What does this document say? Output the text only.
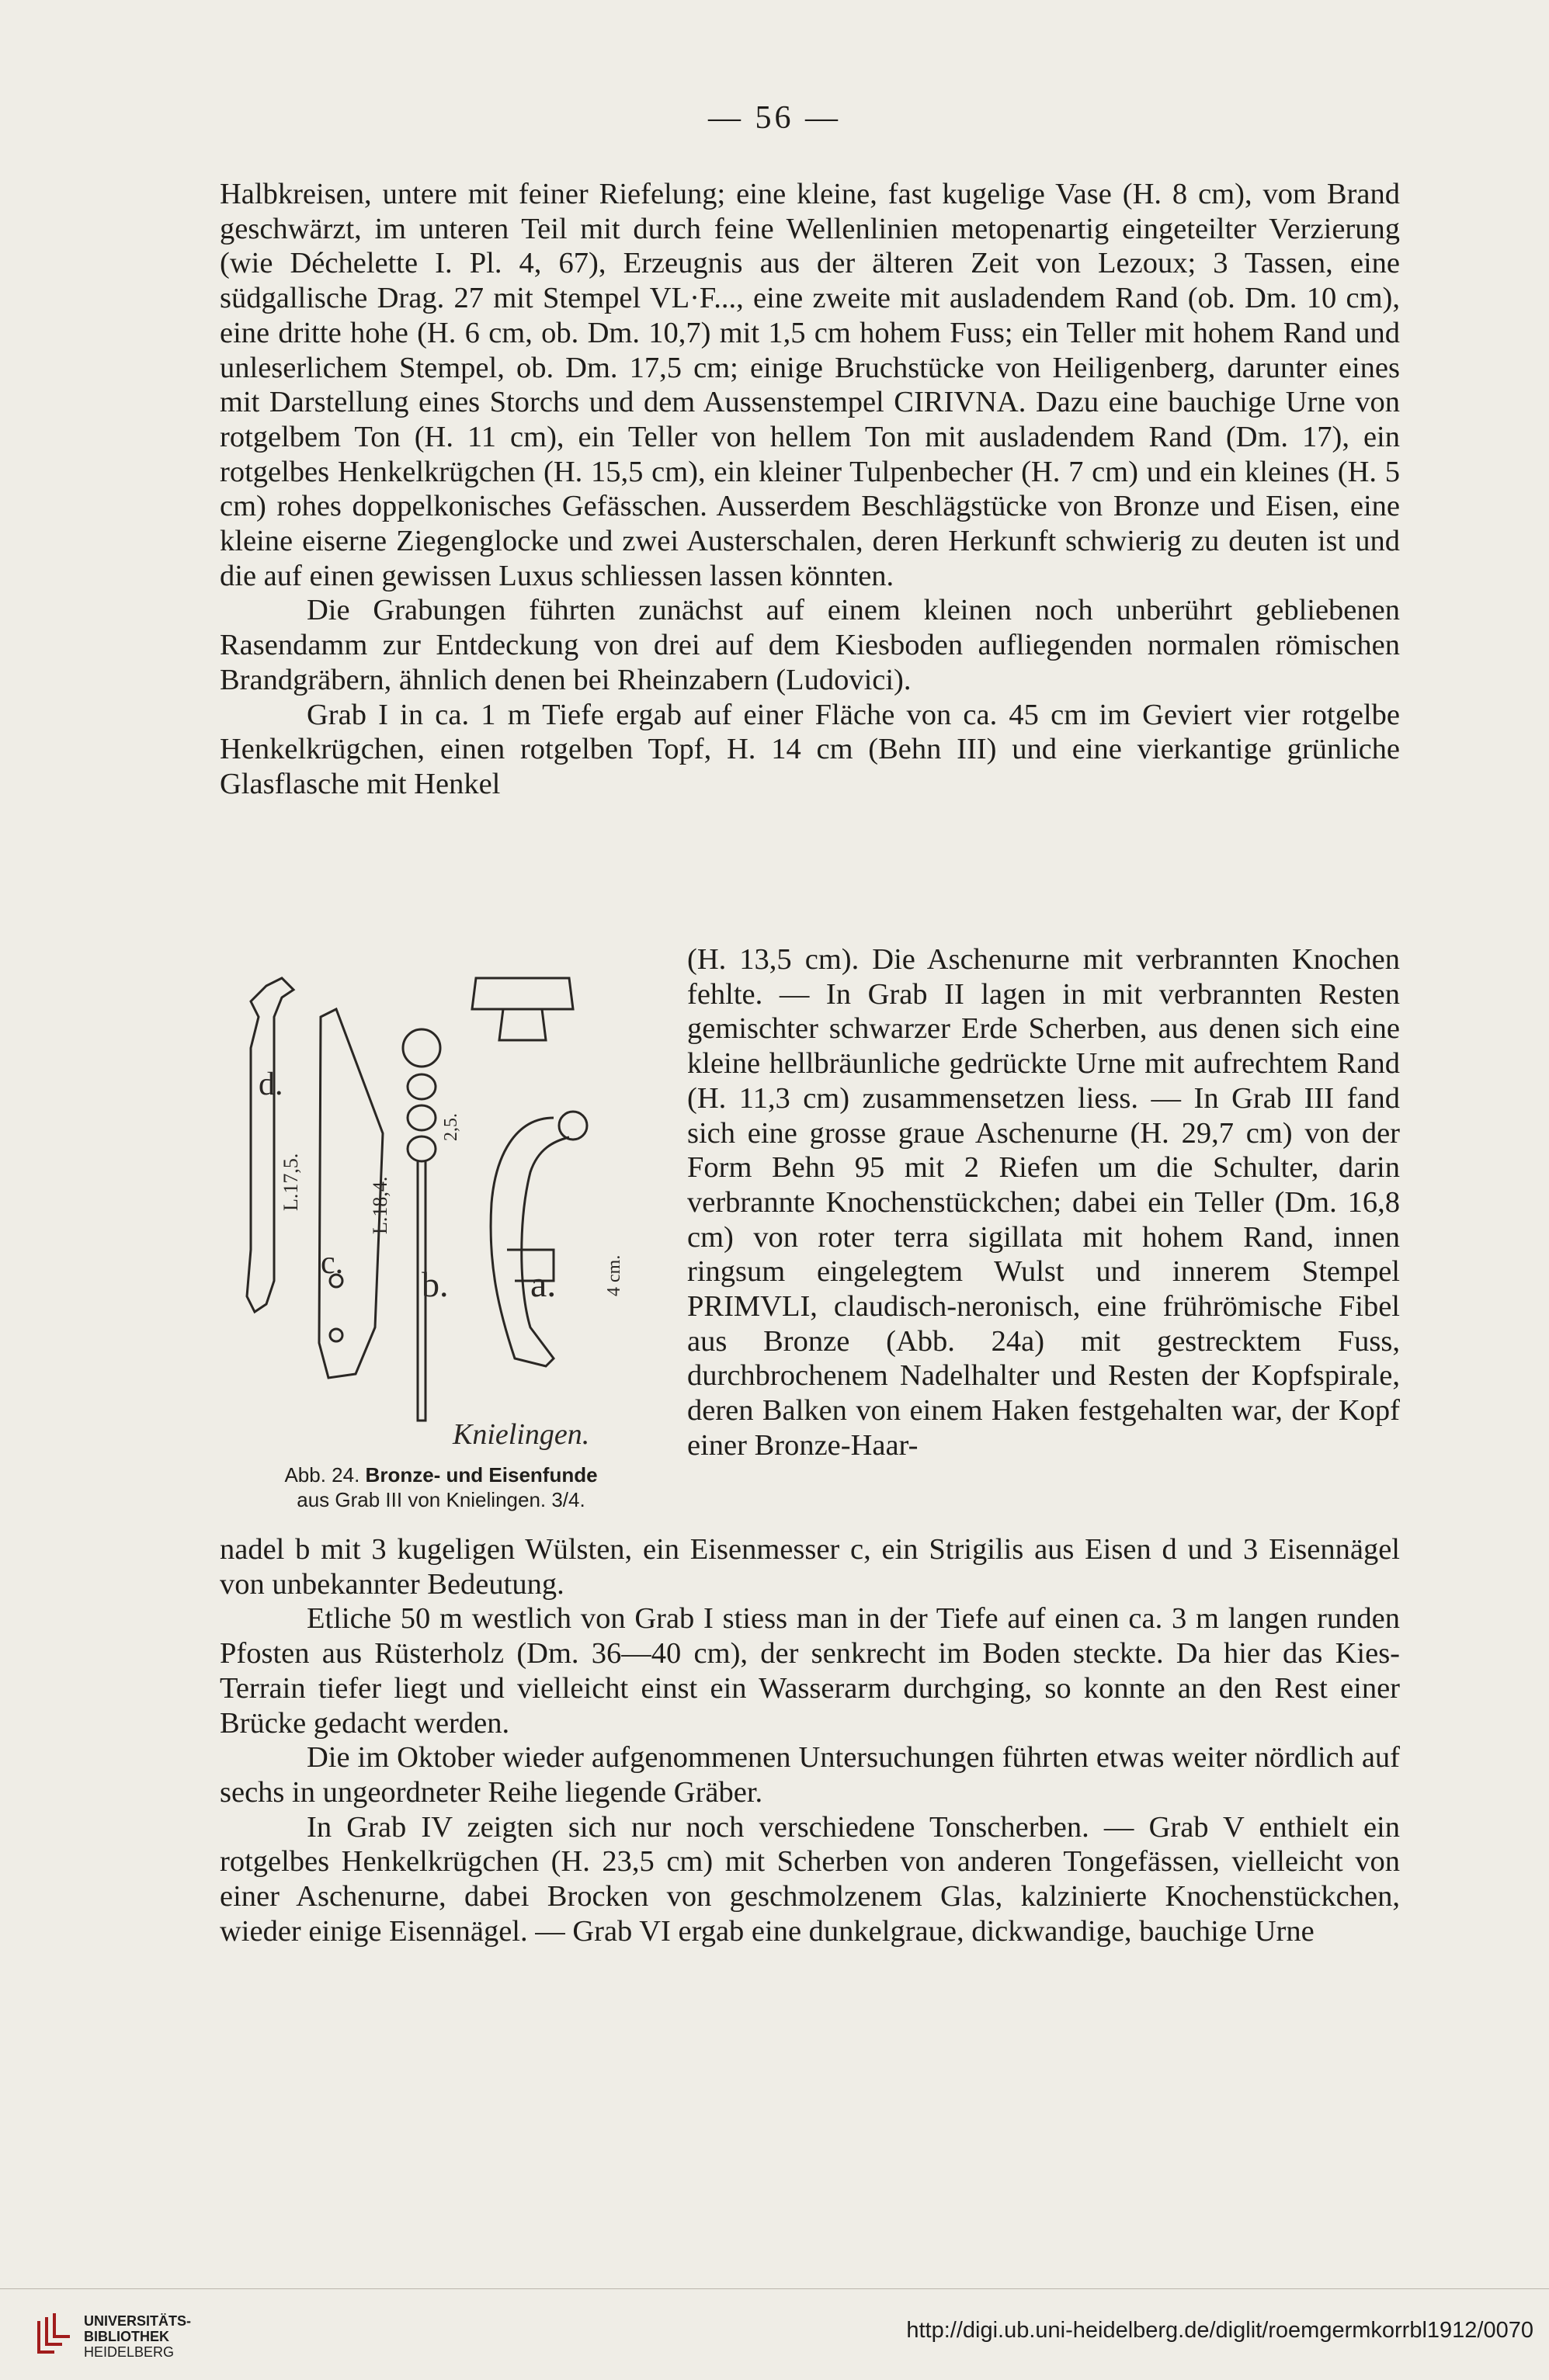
— 56 —

Halbkreisen, untere mit feiner Riefelung; eine kleine, fast kugelige Vase (H. 8 cm), vom Brand geschwärzt, im unteren Teil mit durch feine Wellenlinien metopenartig eingeteilter Verzierung (wie Déchelette I. Pl. 4, 67), Erzeugnis aus der älteren Zeit von Lezoux; 3 Tassen, eine südgallische Drag. 27 mit Stempel VL·F..., eine zweite mit ausladendem Rand (ob. Dm. 10 cm), eine dritte hohe (H. 6 cm, ob. Dm. 10,7) mit 1,5 cm hohem Fuss; ein Teller mit hohem Rand und unleserlichem Stempel, ob. Dm. 17,5 cm; einige Bruchstücke von Heiligenberg, darunter eines mit Darstellung eines Storchs und dem Aussenstempel CIRIVNA. Dazu eine bauchige Urne von rotgelbem Ton (H. 11 cm), ein Teller von hellem Ton mit ausladendem Rand (Dm. 17), ein rotgelbes Henkelkrügchen (H. 15,5 cm), ein kleiner Tulpenbecher (H. 7 cm) und ein kleines (H. 5 cm) rohes doppelkonisches Gefässchen. Ausserdem Beschlägstücke von Bronze und Eisen, eine kleine eiserne Ziegenglocke und zwei Austerschalen, deren Herkunft schwierig zu deuten ist und die auf einen gewissen Luxus schliessen lassen könnten.

Die Grabungen führten zunächst auf einem kleinen noch unberührt gebliebenen Rasendamm zur Entdeckung von drei auf dem Kiesboden aufliegenden normalen römischen Brandgräbern, ähnlich denen bei Rheinzabern (Ludovici).

Grab I in ca. 1 m Tiefe ergab auf einer Fläche von ca. 45 cm im Geviert vier rotgelbe Henkelkrügchen, einen rotgelben Topf, H. 14 cm (Behn III) und eine vierkantige grünliche Glasflasche mit Henkel

d.
c.
b. a.
L.17,5.	L.18,4.
2,5.
4 cm.
Knielingen.
Abb. 24. Bronze- und Eisenfunde
aus Grab III von Knielingen. 3/4.

(H. 13,5 cm). Die Aschenurne mit verbrannten Knochen fehlte. — In Grab II lagen in mit verbrannten Resten gemischter schwarzer Erde Scherben, aus denen sich eine kleine hellbräunliche gedrückte Urne mit aufrechtem Rand (H. 11,3 cm) zusammensetzen liess. — In Grab III fand sich eine grosse graue Aschenurne (H. 29,7 cm) von der Form Behn 95 mit 2 Riefen um die Schulter, darin verbrannte Knochenstückchen; dabei ein Teller (Dm. 16,8 cm) von roter terra sigillata mit hohem Rand, innen ringsum eingelegtem Wulst und innerem Stempel PRIMVLI, claudisch-neronisch, eine frührömische Fibel aus Bronze (Abb. 24a) mit gestrecktem Fuss, durchbrochenem Nadelhalter und Resten der Kopfspirale, deren Balken von einem Haken festgehalten war, der Kopf einer Bronze-Haar-

nadel b mit 3 kugeligen Wülsten, ein Eisenmesser c, ein Strigilis aus Eisen d und 3 Eisennägel von unbekannter Bedeutung.

Etliche 50 m westlich von Grab I stiess man in der Tiefe auf einen ca. 3 m langen runden Pfosten aus Rüsterholz (Dm. 36—40 cm), der senkrecht im Boden steckte. Da hier das Kies-Terrain tiefer liegt und vielleicht einst ein Wasserarm durchging, so konnte an den Rest einer Brücke gedacht werden.

Die im Oktober wieder aufgenommenen Untersuchungen führten etwas weiter nördlich auf sechs in ungeordneter Reihe liegende Gräber.

In Grab IV zeigten sich nur noch verschiedene Tonscherben. — Grab V enthielt ein rotgelbes Henkelkrügchen (H. 23,5 cm) mit Scherben von anderen Tongefässen, vielleicht von einer Aschenurne, dabei Brocken von geschmolzenem Glas, kalzinierte Knochenstückchen, wieder einige Eisennägel. — Grab VI ergab eine dunkelgraue, dickwandige, bauchige Urne

UNIVERSITÄTS-
BIBLIOTHEK
HEIDELBERG
http://digi.ub.uni-heidelberg.de/diglit/roemgermkorrbl1912/0070
